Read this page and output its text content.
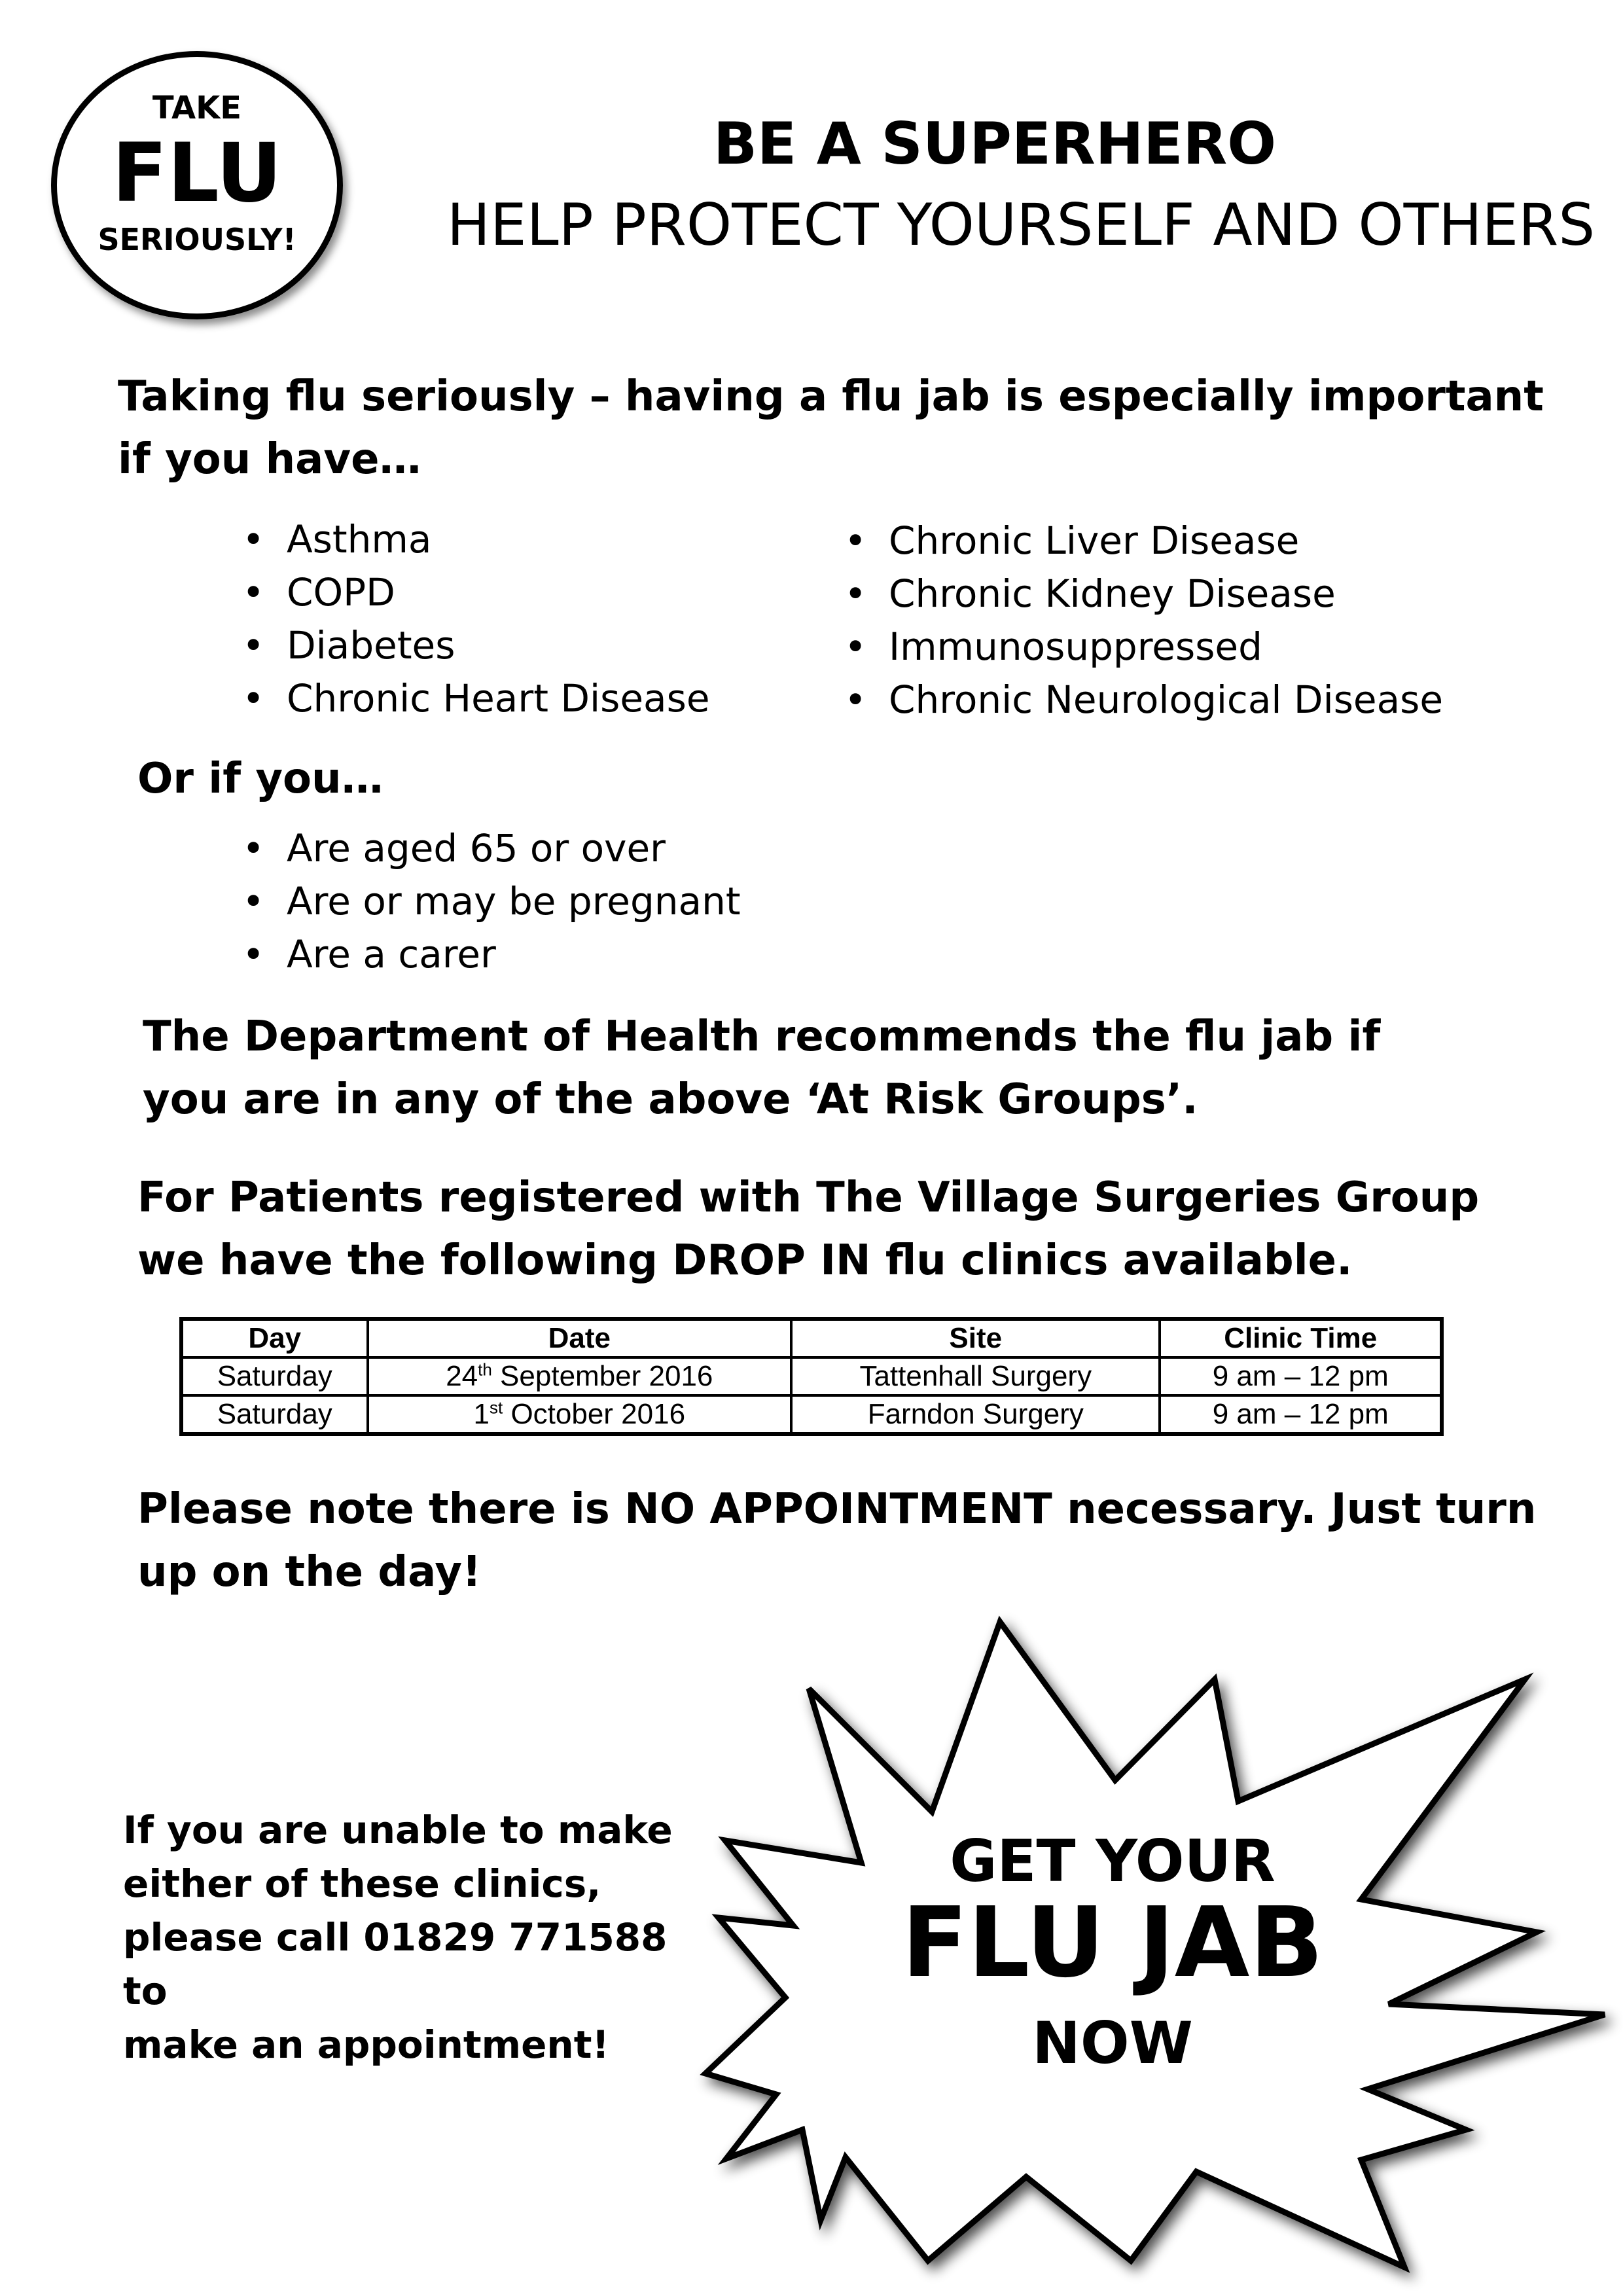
TAKE
FLU
SERIOUSLY!
BE A SUPERHERO
HELP PROTECT YOURSELF AND OTHERS
Taking flu seriously – having a flu jab is especially important if you have…
• Asthma
• COPD
• Diabetes
• Chronic Heart Disease
• Chronic Liver Disease
• Chronic Kidney Disease
• Immunosuppressed
• Chronic Neurological Disease
Or if you…
• Are aged 65 or over
• Are or may be pregnant
• Are a carer
The Department of Health recommends the flu jab if you are in any of the above ‘At Risk Groups’.
For Patients registered with The Village Surgeries Group we have the following DROP IN flu clinics available.
Day	Date	Site	Clinic Time
Saturday	24th September 2016	Tattenhall Surgery	9 am – 12 pm
Saturday	1st October 2016	Farndon Surgery	9 am – 12 pm
Please note there is NO APPOINTMENT necessary. Just turn up on the day!
If you are unable to make
either of these clinics,
please call 01829 771588 to
make an appointment!
GET YOUR
FLU JAB
NOW
